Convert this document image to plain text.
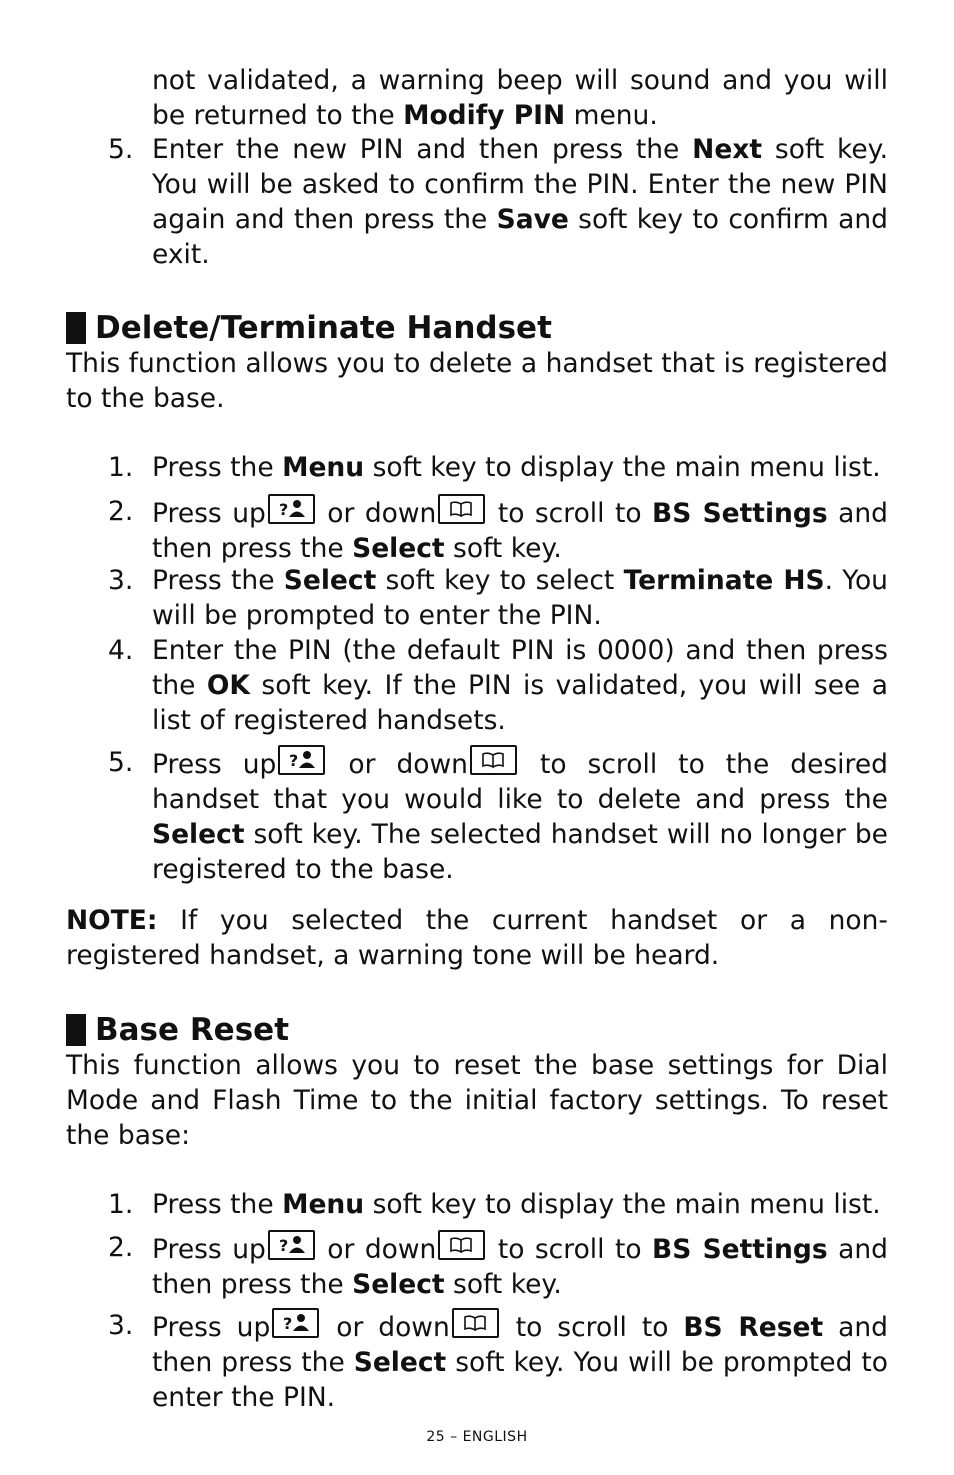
not validated, a warning beep will sound and you will be returned to the Modify PIN menu.

5. Enter the new PIN and then press the Next soft key. You will be asked to confirm the PIN. Enter the new PIN again and then press the Save soft key to confirm and exit.

Delete/Terminate Handset

This function allows you to delete a handset that is registered to the base.

1. Press the Menu soft key to display the main menu list.

2. Press up ? or down
to scroll to BS Settings and then press the Select soft key.

3. Press the Select soft key to select Terminate HS. You will be prompted to enter the PIN.

4. Enter the PIN (the default PIN is 0000) and then press the OK soft key. If the PIN is validated, you will see a list of registered handsets.

5. Press up ? or down
to scroll to the desired handset that you would like to delete and press the Select soft key. The selected handset will no longer be registered to the base.

NOTE: If you selected the current handset or a non-registered handset, a warning tone will be heard.

Base Reset

This function allows you to reset the base settings for Dial Mode and Flash Time to the initial factory settings. To reset the base:

1. Press the Menu soft key to display the main menu list.

2. Press up ? or down
to scroll to BS Settings and then press the Select soft key.

3. Press up ? or down
to scroll to BS Reset and then press the Select soft key. You will be prompted to enter the PIN.

25 – ENGLISH
